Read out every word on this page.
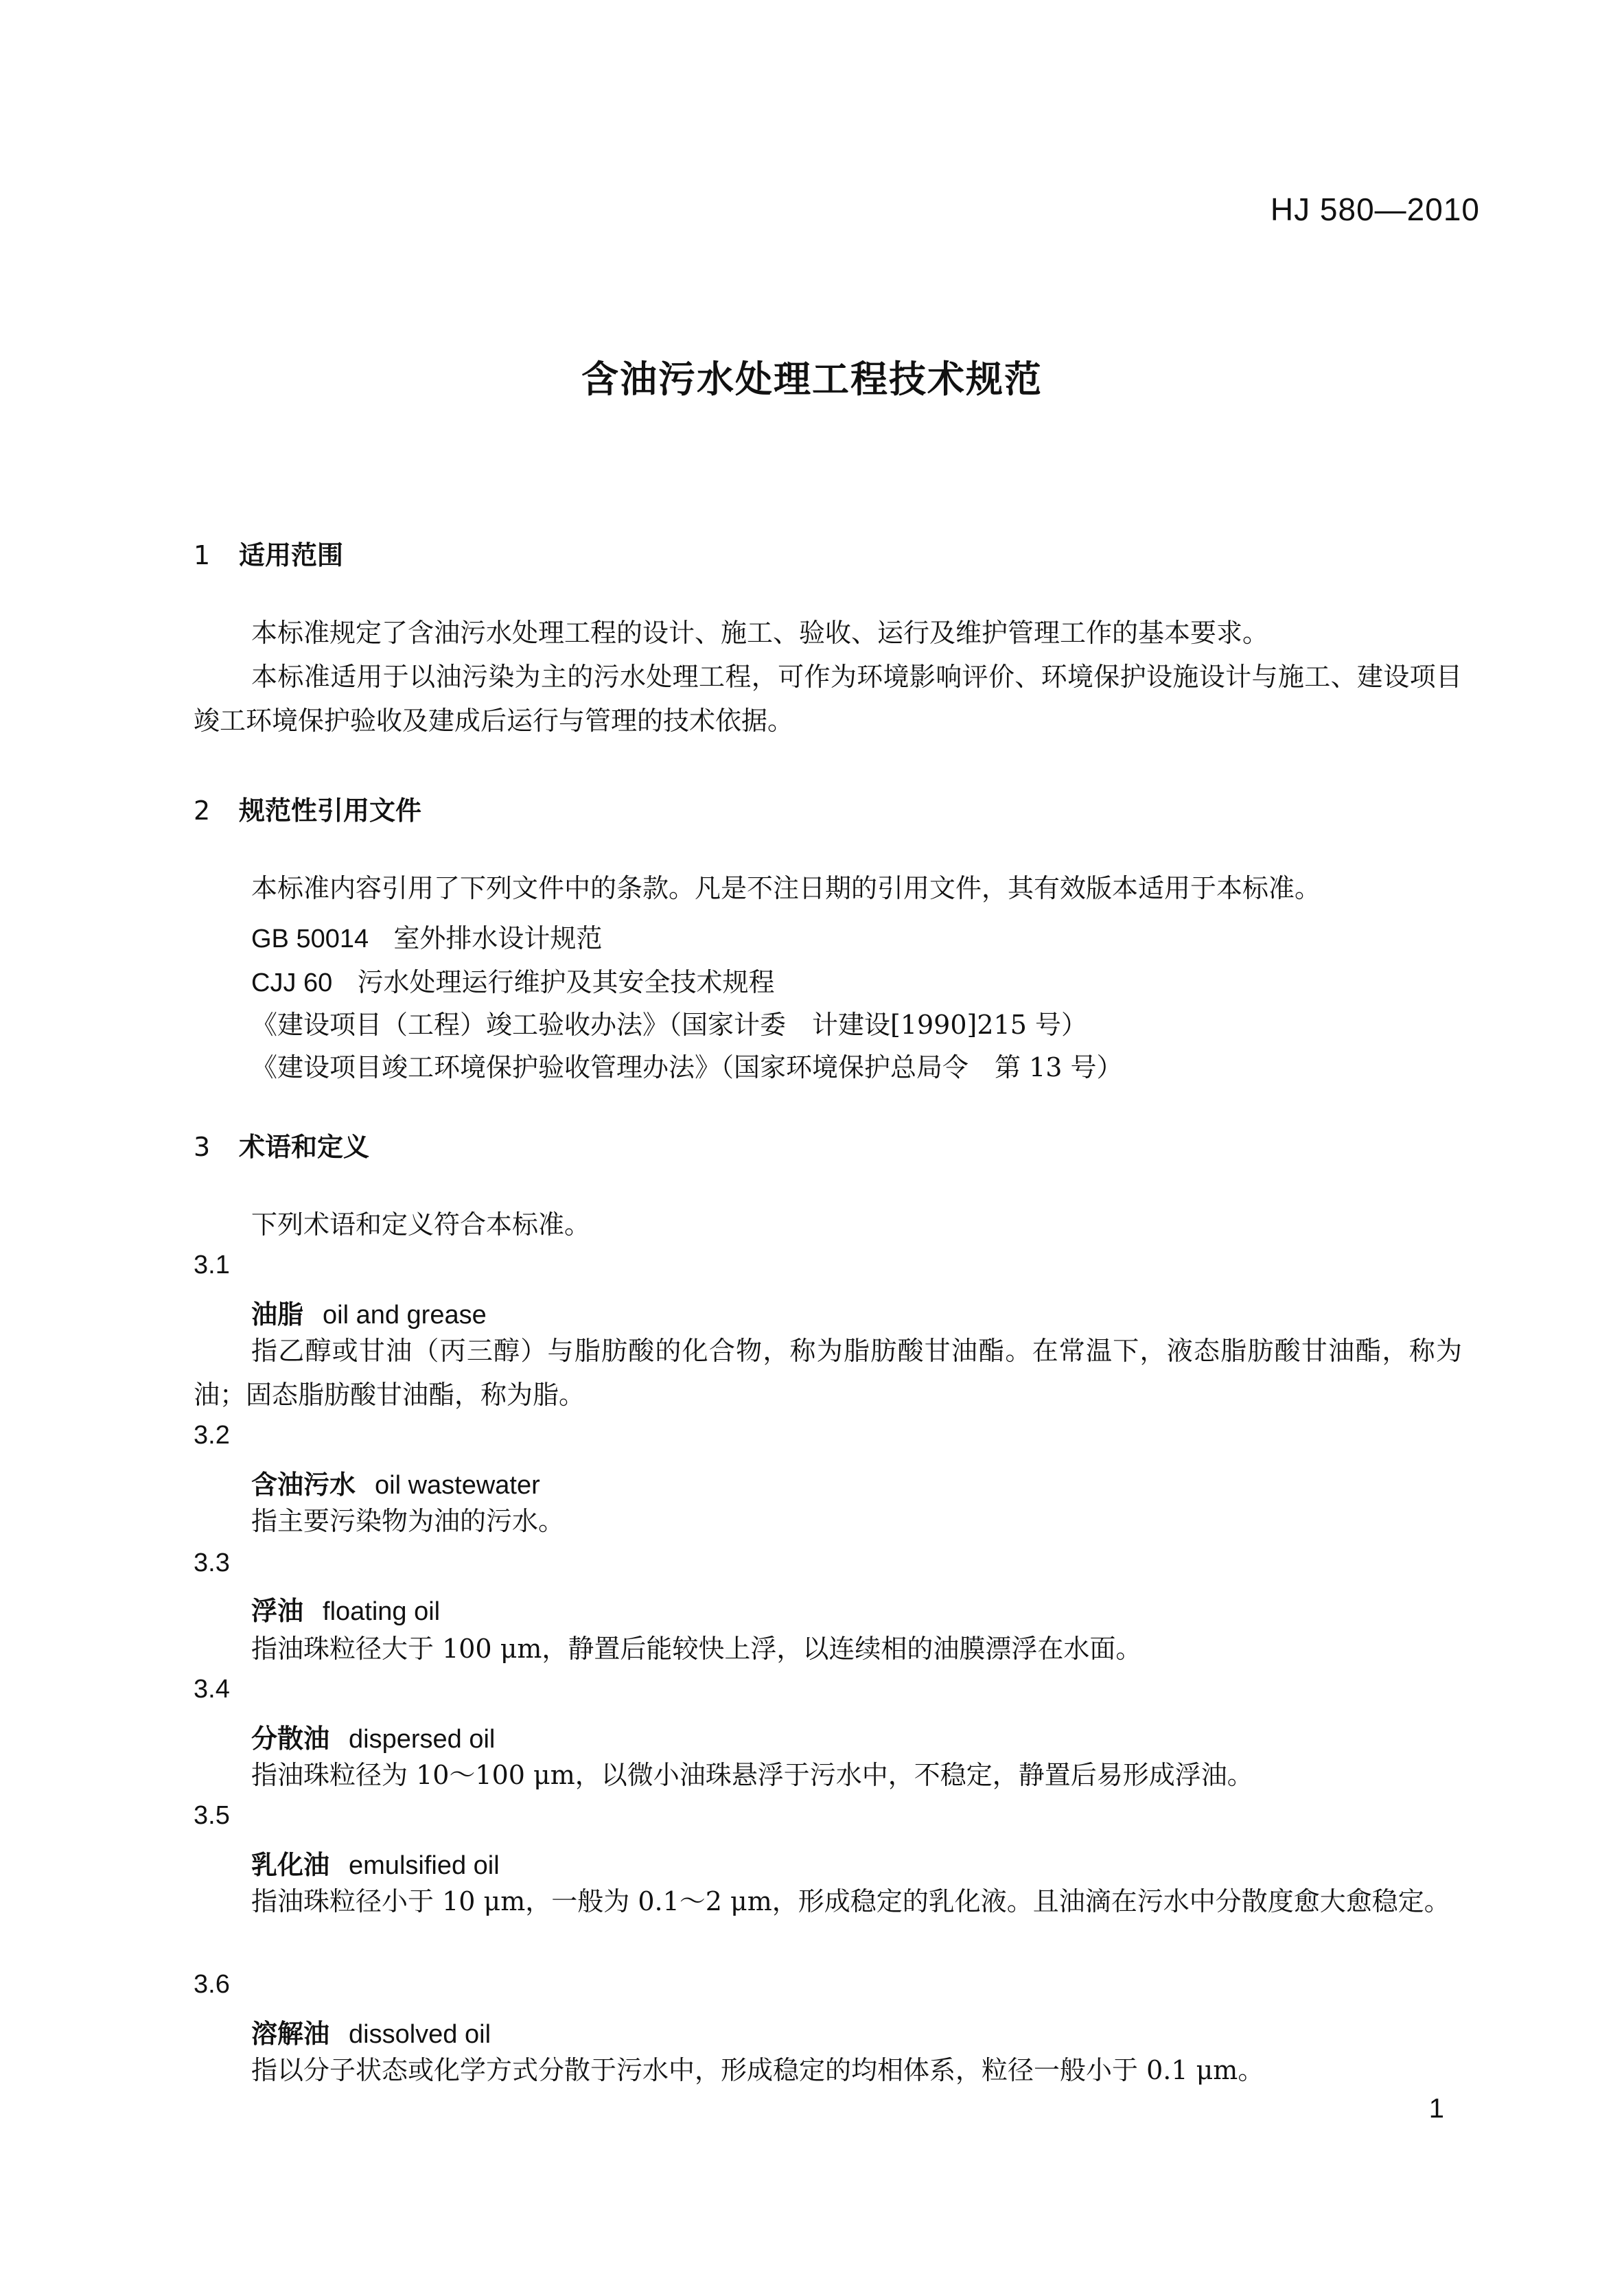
HJ 580—2010
含油污水处理工程技术规范
1 适用范围
本标准规定了含油污水处理工程的设计、施工、验收、运行及维护管理工作的基本要求。
本标准适用于以油污染为主的污水处理工程，可作为环境影响评价、环境保护设施设计与施工、建设项目竣工环境保护验收及建成后运行与管理的技术依据。
2 规范性引用文件
本标准内容引用了下列文件中的条款。凡是不注日期的引用文件，其有效版本适用于本标准。
GB 50014 室外排水设计规范
CJJ 60 污水处理运行维护及其安全技术规程
《建设项目（工程）竣工验收办法》（国家计委　计建设[1990]215 号）
《建设项目竣工环境保护验收管理办法》（国家环境保护总局令　第 13 号）
3 术语和定义
下列术语和定义符合本标准。
3.1
油脂 oil and grease
指乙醇或甘油（丙三醇）与脂肪酸的化合物，称为脂肪酸甘油酯。在常温下，液态脂肪酸甘油酯，称为油；固态脂肪酸甘油酯，称为脂。
3.2
含油污水 oil wastewater
指主要污染物为油的污水。
3.3
浮油 floating oil
指油珠粒径大于 100 μm，静置后能较快上浮，以连续相的油膜漂浮在水面。
3.4
分散油 dispersed oil
指油珠粒径为 10～100 μm，以微小油珠悬浮于污水中，不稳定，静置后易形成浮油。
3.5
乳化油 emulsified oil
指油珠粒径小于 10 μm，一般为 0.1～2 μm，形成稳定的乳化液。且油滴在污水中分散度愈大愈稳定。
3.6
溶解油 dissolved oil
指以分子状态或化学方式分散于污水中，形成稳定的均相体系，粒径一般小于 0.1 μm。
1
